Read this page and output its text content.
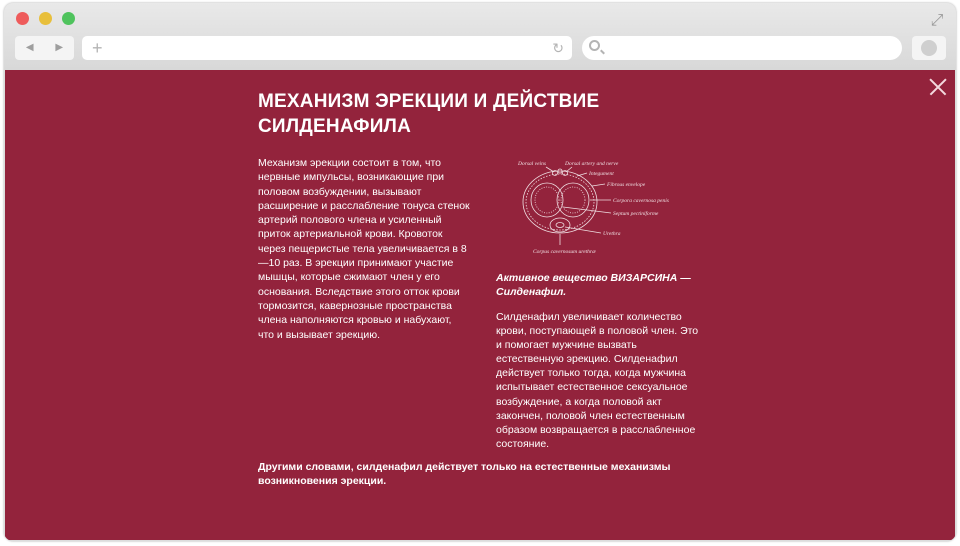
⤢
◀	▶	+	↻
МЕХАНИЗМ ЭРЕКЦИИ И ДЕЙСТВИЕ СИЛДЕНАФИЛА

Механизм эрекции состоит в том, что нервные импульсы, возникающие при половом возбуждении, вызывают расширение и расслабление тонуса стенок артерий полового члена и усиленный приток артериальной крови. Кровоток через пещеристые тела увеличивается в 8—10 раз. В эрекции принимают участие мышцы, которые сжимают член у его основания. Вследствие этого отток крови тормозится, кавернозные пространства члена наполняются кровью и набухают, что и вызывает эрекцию.

Dorsal veins	Dorsal artery and nerve
Integument
Fibrous envelope
Corpora cavernosa penis
Septum pectiniforme
Urethra
Corpus cavernosum urethræ

Активное вещество ВИЗАРСИНА — Силденафил.

Силденафил увеличивает количество крови, поступающей в половой член. Это и помогает мужчине вызвать естественную эрекцию. Силденафил действует только тогда, когда мужчина испытывает естественное сексуальное возбуждение, а когда половой акт закончен, половой член естественным образом возвращается в расслабленное состояние.

Другими словами, силденафил действует только на естественные механизмы возникновения эрекции.
